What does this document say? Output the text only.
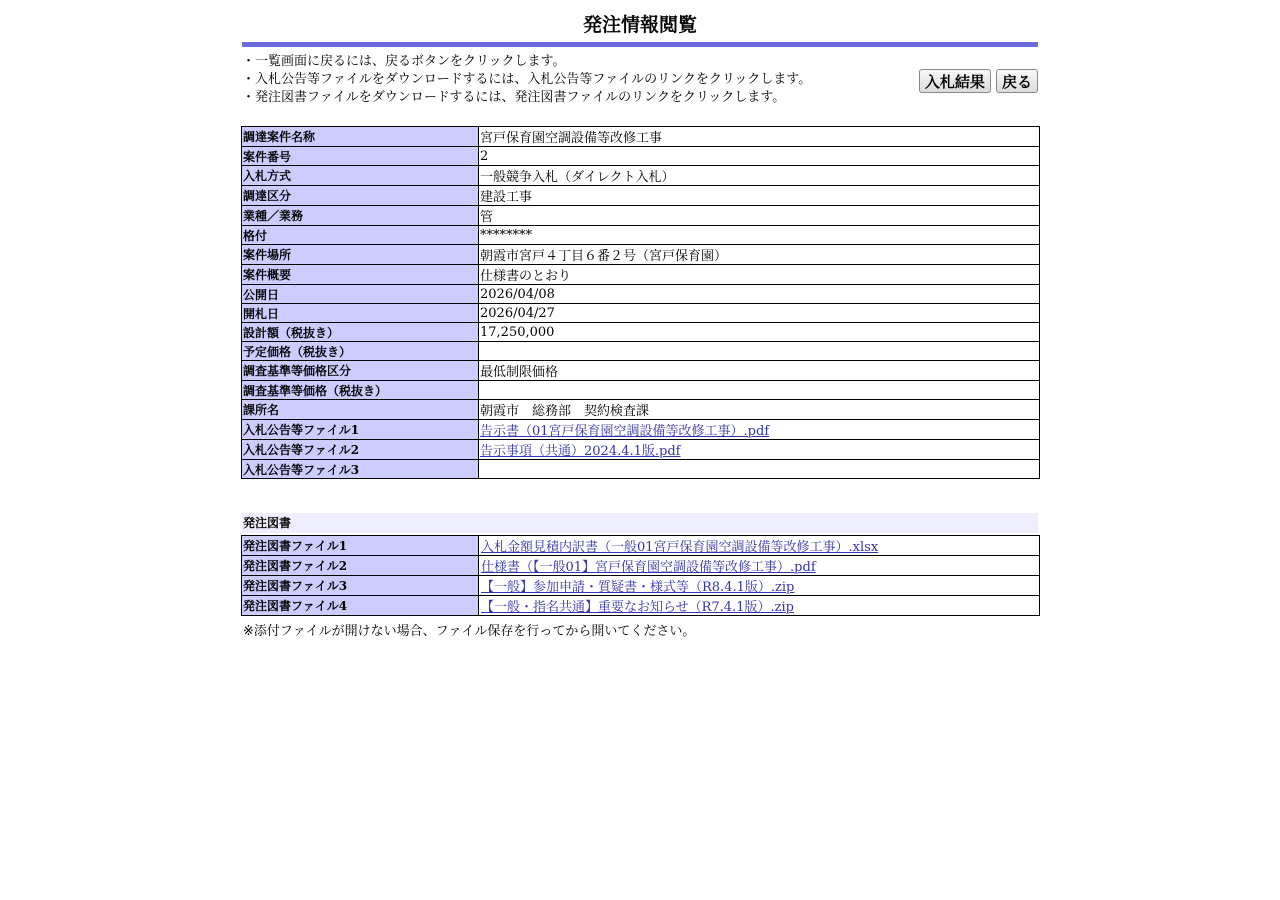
発注情報閲覧
・一覧画面に戻るには、戻るボタンをクリックします。
・入札公告等ファイルをダウンロードするには、入札公告等ファイルのリンクをクリックします。
・発注図書ファイルをダウンロードするには、発注図書ファイルのリンクをクリックします。
入札結果 戻る
調達案件名称	宮戸保育園空調設備等改修工事
案件番号	2
入札方式	一般競争入札（ダイレクト入札）
調達区分	建設工事
業種／業務	管
格付	********
案件場所	朝霞市宮戸４丁目６番２号（宮戸保育園）
案件概要	仕様書のとおり
公開日	2026/04/08
開札日	2026/04/27
設計額（税抜き）	17,250,000
予定価格（税抜き）	
調査基準等価格区分	最低制限価格
調査基準等価格（税抜き）	
課所名	朝霞市　総務部　契約検査課
入札公告等ファイル1	告示書（01宮戸保育園空調設備等改修工事）.pdf
入札公告等ファイル2	告示事項（共通）2024.4.1版.pdf
入札公告等ファイル3	
発注図書
発注図書ファイル1	入札金額見積内訳書（一般01宮戸保育園空調設備等改修工事）.xlsx
発注図書ファイル2	仕様書（【一般01】宮戸保育園空調設備等改修工事）.pdf
発注図書ファイル3	【一般】参加申請・質疑書・様式等（R8.4.1版）.zip
発注図書ファイル4	【一般・指名共通】重要なお知らせ（R7.4.1版）.zip
※添付ファイルが開けない場合、ファイル保存を行ってから開いてください。
